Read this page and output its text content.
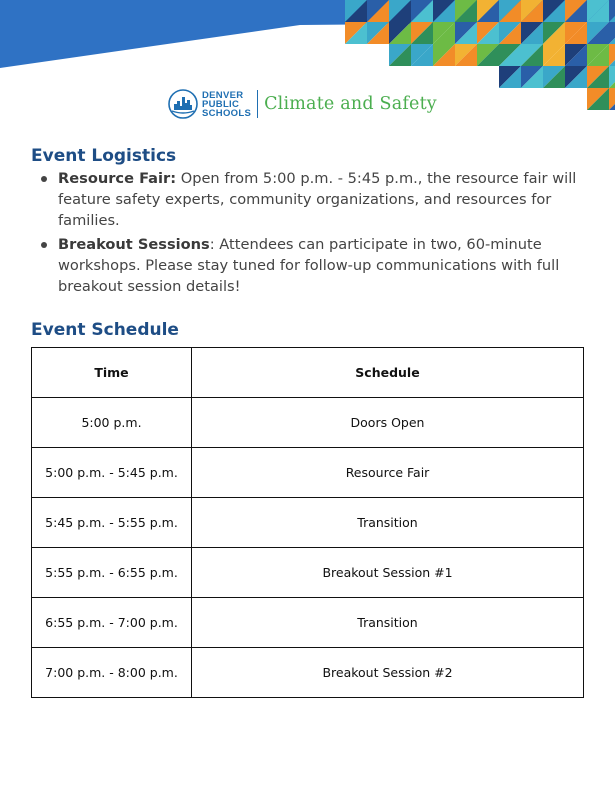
DENVER
PUBLIC
SCHOOLS Climate and Safety
Event Logistics
Resource Fair: Open from 5:00 p.m. - 5:45 p.m., the resource fair will feature safety experts, community organizations, and resources for families.
Breakout Sessions: Attendees can participate in two, 60-minute workshops. Please stay tuned for follow-up communications with full breakout session details!
Event Schedule
Time	Schedule
5:00 p.m.	Doors Open
5:00 p.m. - 5:45 p.m.	Resource Fair
5:45 p.m. - 5:55 p.m.	Transition
5:55 p.m. - 6:55 p.m.	Breakout Session #1
6:55 p.m. - 7:00 p.m.	Transition
7:00 p.m. - 8:00 p.m.	Breakout Session #2
